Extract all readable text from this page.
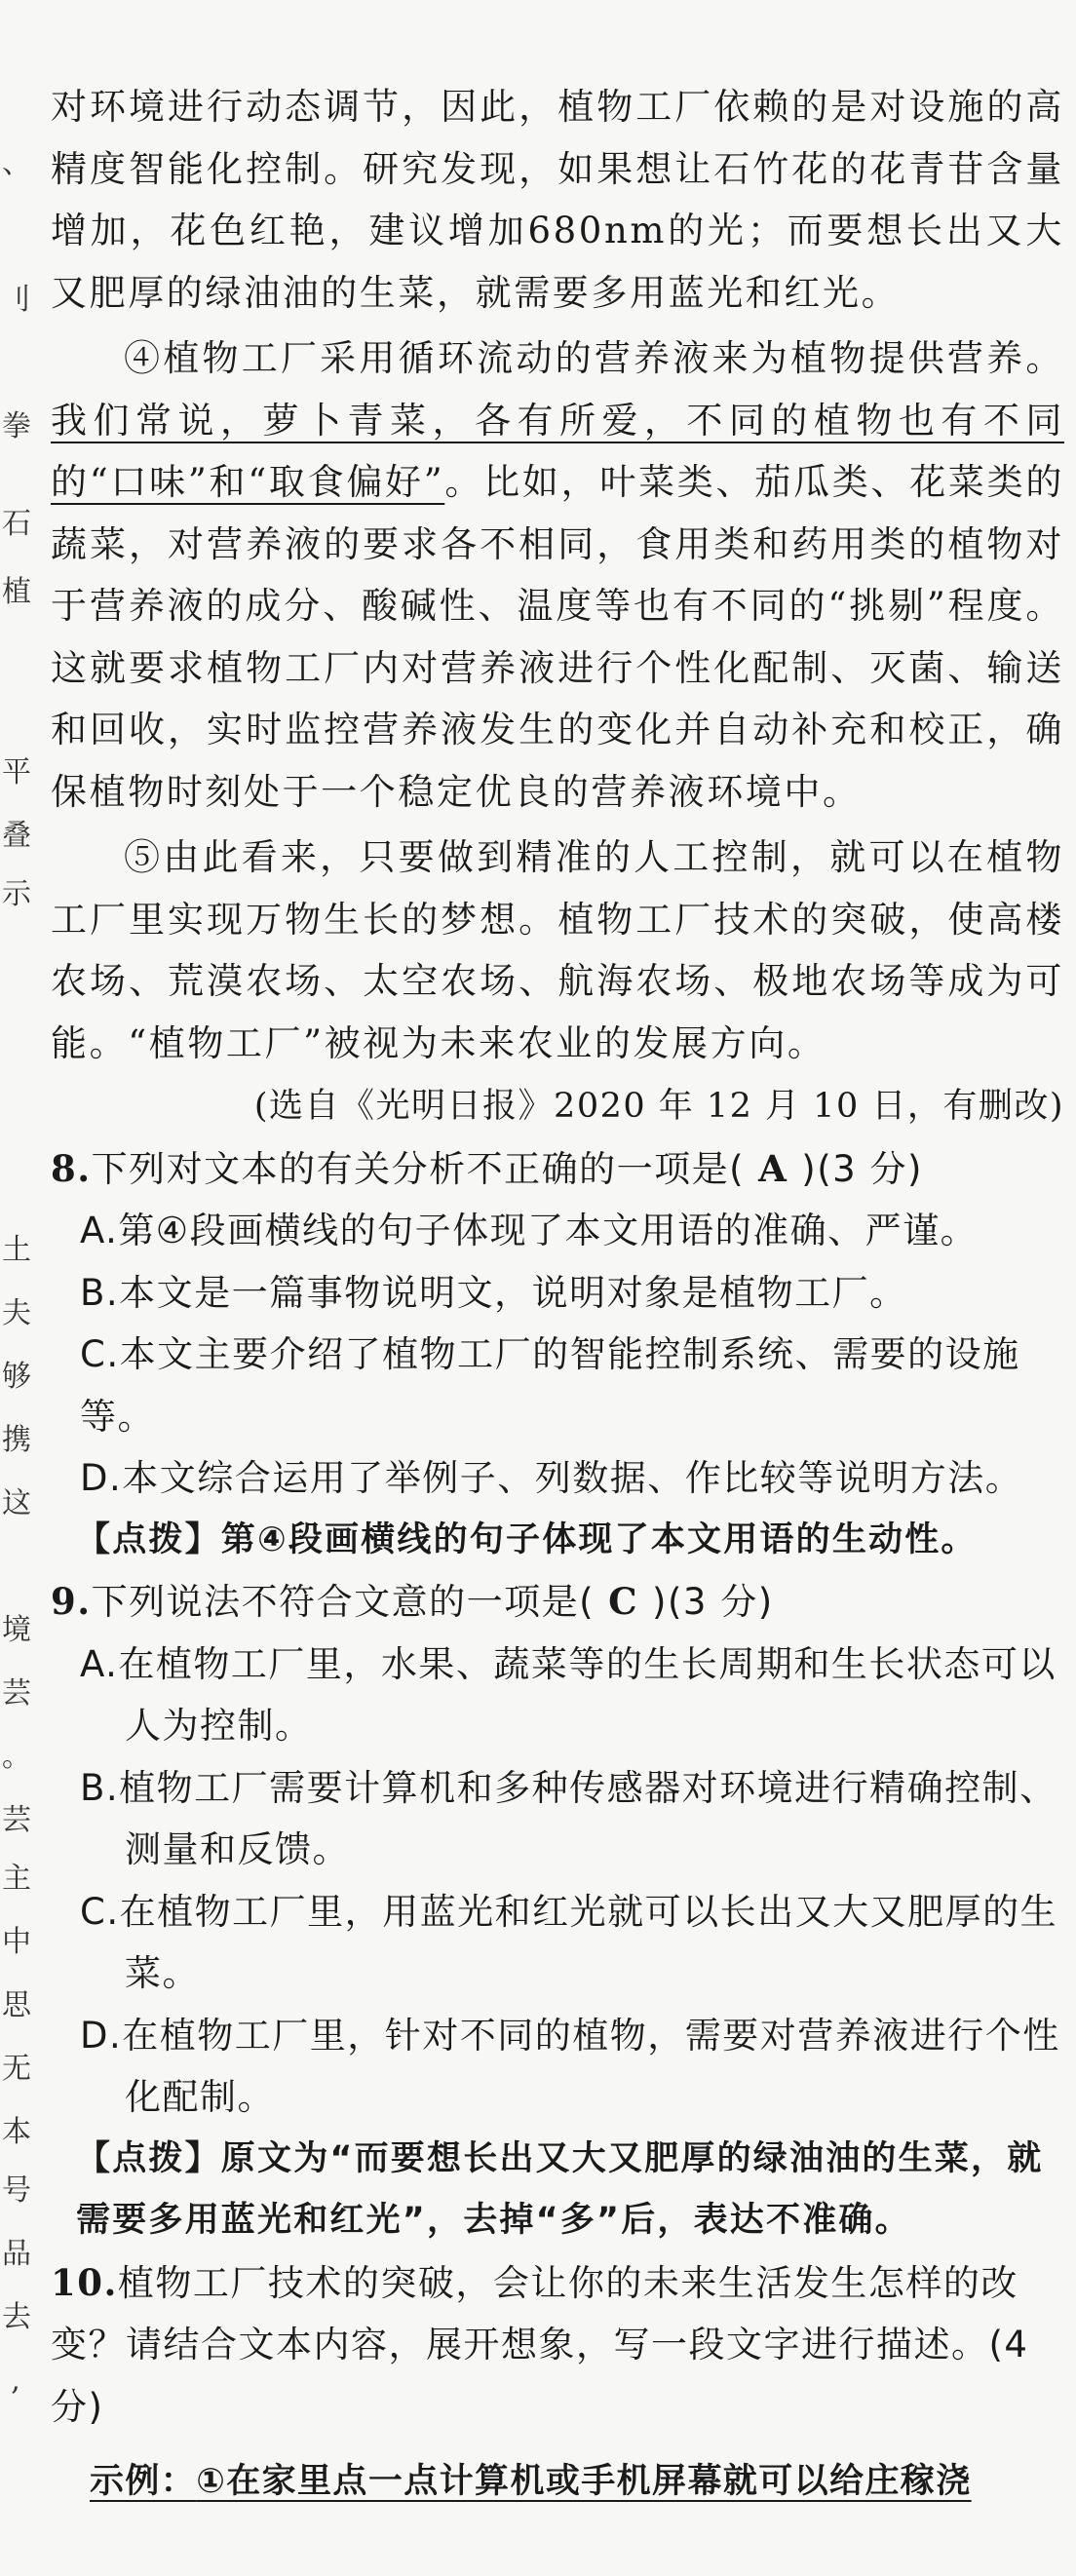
、
刂
拳
石
植
平
叠
示
土
夫
够
携
这
境
芸
。
芸
主
中
思
无
本
号
品
去
,

对环境进行动态调节，因此，植物工厂依赖的是对设施的高精度智能化控制。研究发现，如果想让石竹花的花青苷含量增加，花色红艳，建议增加680nm的光；而要想长出又大又肥厚的绿油油的生菜，就需要多用蓝光和红光。

④植物工厂采用循环流动的营养液来为植物提供营养。我们常说，萝卜青菜，各有所爱，不同的植物也有不同的“口味”和“取食偏好”。比如，叶菜类、茄瓜类、花菜类的蔬菜，对营养液的要求各不相同，食用类和药用类的植物对于营养液的成分、酸碱性、温度等也有不同的“挑剔”程度。这就要求植物工厂内对营养液进行个性化配制、灭菌、输送和回收，实时监控营养液发生的变化并自动补充和校正，确保植物时刻处于一个稳定优良的营养液环境中。

⑤由此看来，只要做到精准的人工控制，就可以在植物工厂里实现万物生长的梦想。植物工厂技术的突破，使高楼农场、荒漠农场、太空农场、航海农场、极地农场等成为可能。“植物工厂”被视为未来农业的发展方向。

(选自《光明日报》2020 年 12 月 10 日，有删改)

8.下列对文本的有关分析不正确的一项是( A )(3 分)

A.第④段画横线的句子体现了本文用语的准确、严谨。

B.本文是一篇事物说明文，说明对象是植物工厂。

C.本文主要介绍了植物工厂的智能控制系统、需要的设施等。

D.本文综合运用了举例子、列数据、作比较等说明方法。

【点拨】第④段画横线的句子体现了本文用语的生动性。

9.下列说法不符合文意的一项是( C )(3 分)

A.在植物工厂里，水果、蔬菜等的生长周期和生长状态可以人为控制。

B.植物工厂需要计算机和多种传感器对环境进行精确控制、测量和反馈。

C.在植物工厂里，用蓝光和红光就可以长出又大又肥厚的生菜。

D.在植物工厂里，针对不同的植物，需要对营养液进行个性化配制。

【点拨】原文为“而要想长出又大又肥厚的绿油油的生菜，就需要多用蓝光和红光”，去掉“多”后，表达不准确。

10.植物工厂技术的突破，会让你的未来生活发生怎样的改变？请结合文本内容，展开想象，写一段文字进行描述。(4 分)

示例：①在家里点一点计算机或手机屏幕就可以给庄稼浇
